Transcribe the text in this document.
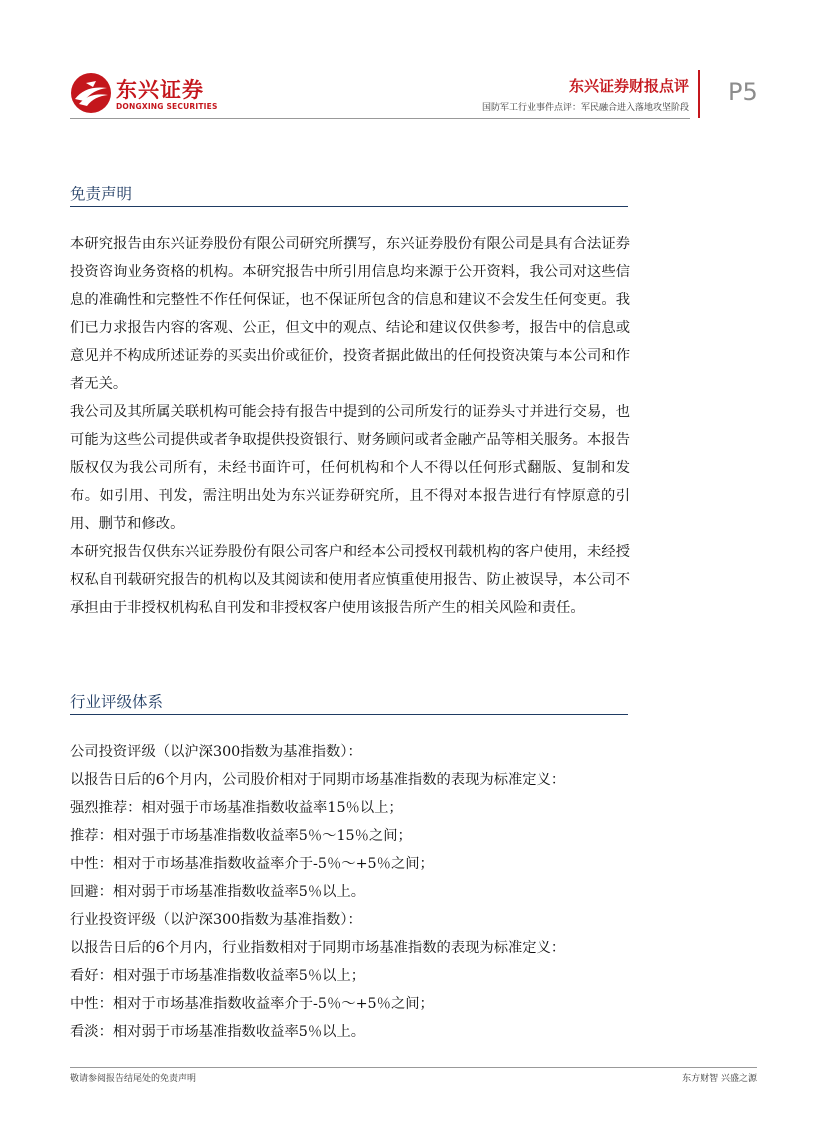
东兴证券
DONGXING SECURITIES
东兴证券财报点评
国防军工行业事件点评：军民融合进入落地攻坚阶段
P5
免责声明

本研究报告由东兴证券股份有限公司研究所撰写，东兴证券股份有限公司是具有合法证券投资咨询业务资格的机构。本研究报告中所引用信息均来源于公开资料，我公司对这些信息的准确性和完整性不作任何保证，也不保证所包含的信息和建议不会发生任何变更。我们已力求报告内容的客观、公正，但文中的观点、结论和建议仅供参考，报告中的信息或意见并不构成所述证券的买卖出价或征价，投资者据此做出的任何投资决策与本公司和作者无关。

我公司及其所属关联机构可能会持有报告中提到的公司所发行的证券头寸并进行交易，也可能为这些公司提供或者争取提供投资银行、财务顾问或者金融产品等相关服务。本报告版权仅为我公司所有，未经书面许可，任何机构和个人不得以任何形式翻版、复制和发布。如引用、刊发，需注明出处为东兴证券研究所，且不得对本报告进行有悖原意的引用、删节和修改。

本研究报告仅供东兴证券股份有限公司客户和经本公司授权刊载机构的客户使用，未经授权私自刊载研究报告的机构以及其阅读和使用者应慎重使用报告、防止被误导，本公司不承担由于非授权机构私自刊发和非授权客户使用该报告所产生的相关风险和责任。

行业评级体系
公司投资评级（以沪深300指数为基准指数）：
以报告日后的6个月内，公司股价相对于同期市场基准指数的表现为标准定义：
强烈推荐：相对强于市场基准指数收益率15％以上；
推荐：相对强于市场基准指数收益率5％～15％之间；
中性：相对于市场基准指数收益率介于-5％～+5％之间；
回避：相对弱于市场基准指数收益率5％以上。
行业投资评级（以沪深300指数为基准指数）：
以报告日后的6个月内，行业指数相对于同期市场基准指数的表现为标准定义：
看好：相对强于市场基准指数收益率5％以上；
中性：相对于市场基准指数收益率介于-5％～+5％之间；
看淡：相对弱于市场基准指数收益率5％以上。
敬请参阅报告结尾处的免责声明	东方财智 兴盛之源
